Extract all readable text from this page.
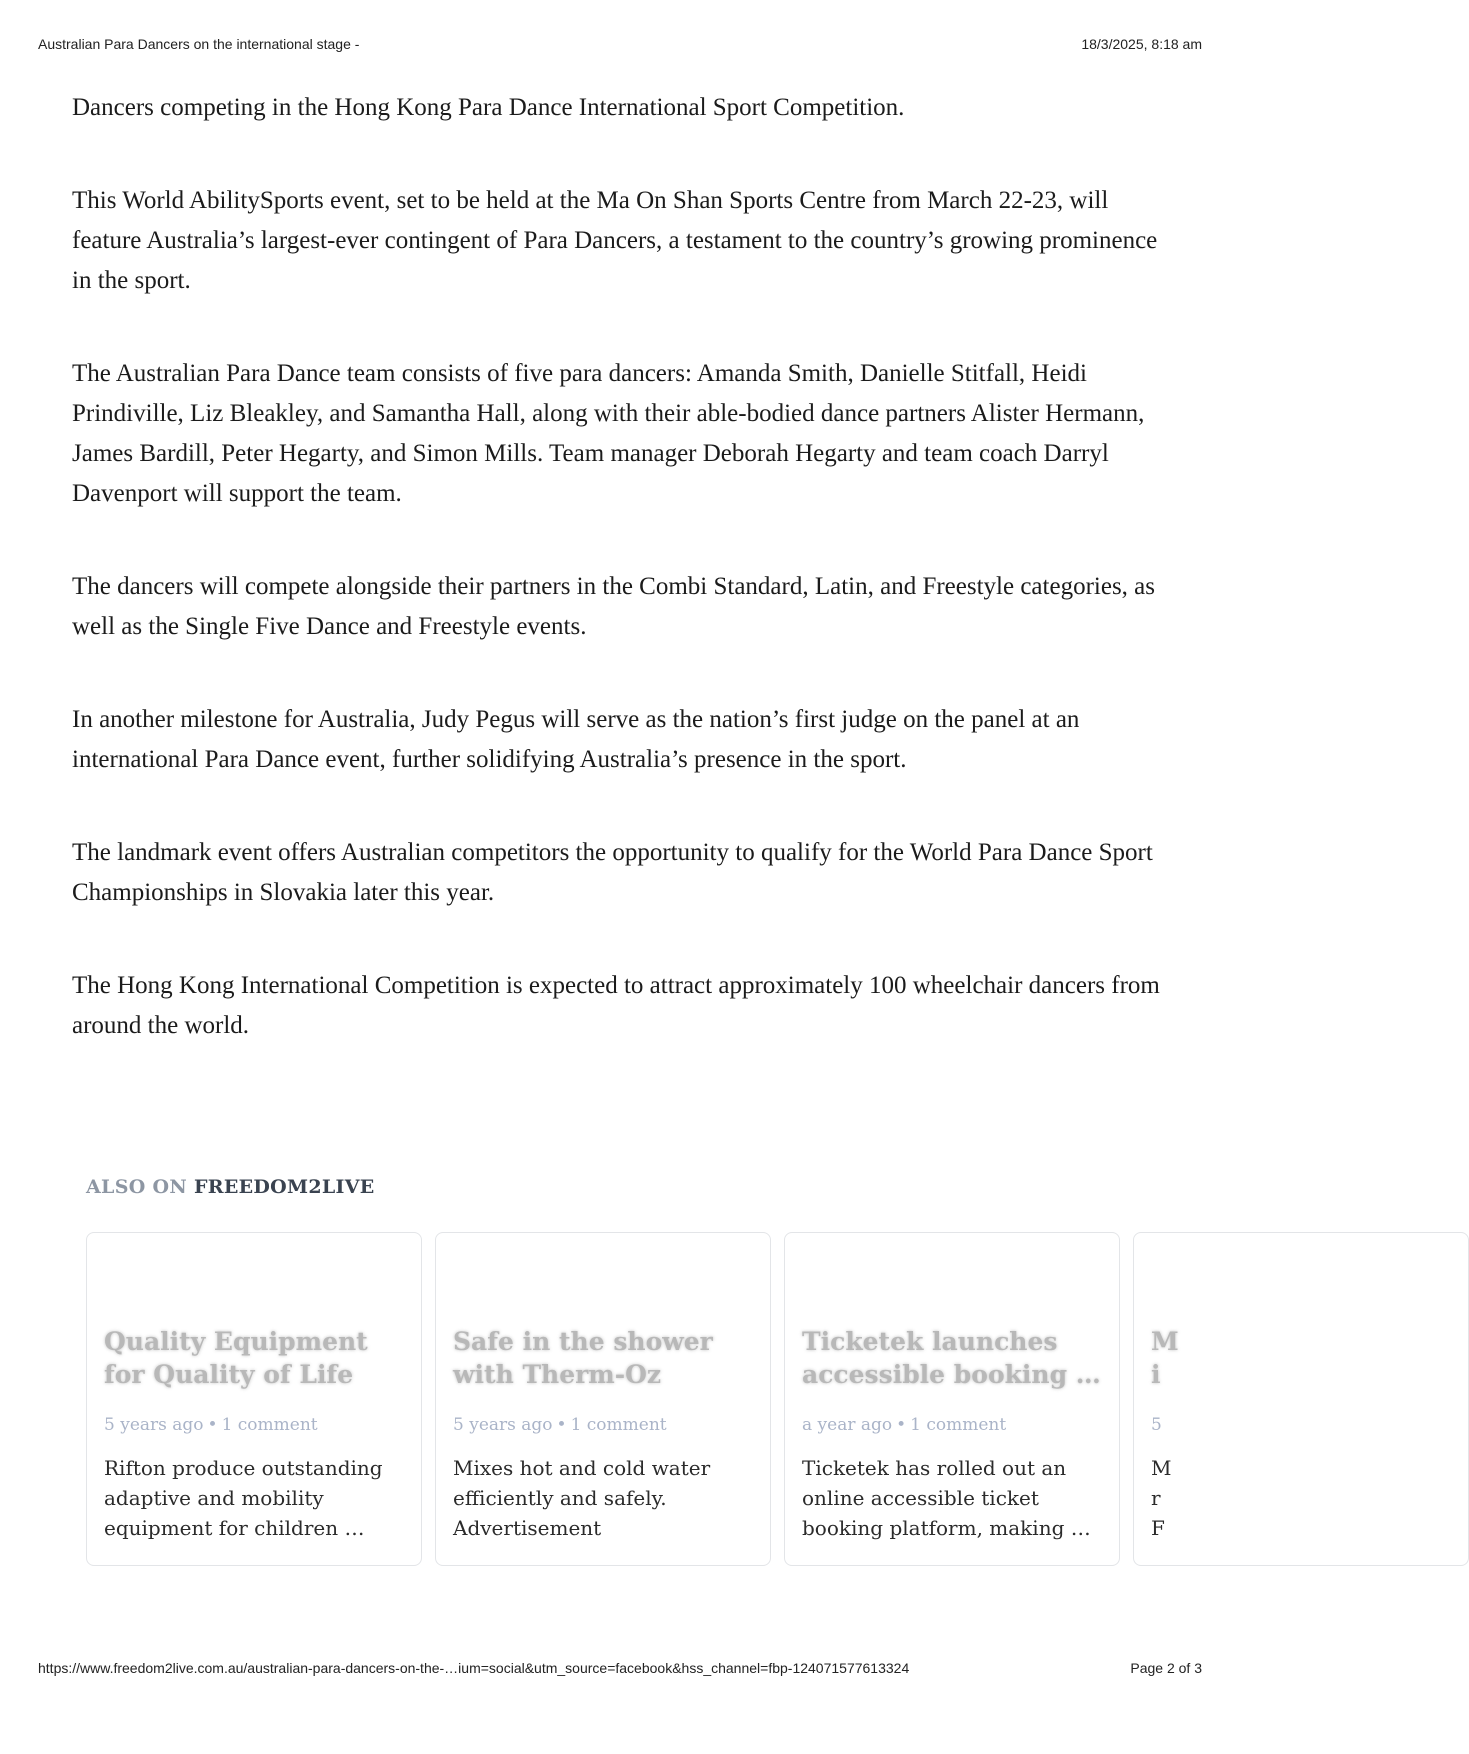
Australian Para Dancers on the international stage -	18/3/2025, 8:18 am

Dancers competing in the Hong Kong Para Dance International Sport Competition.

This World AbilitySports event, set to be held at the Ma On Shan Sports Centre from March 22-23, will feature Australia’s largest-ever contingent of Para Dancers, a testament to the country’s growing prominence in the sport.

The Australian Para Dance team consists of five para dancers: Amanda Smith, Danielle Stitfall, Heidi Prindiville, Liz Bleakley, and Samantha Hall, along with their able-bodied dance partners Alister Hermann, James Bardill, Peter Hegarty, and Simon Mills. Team manager Deborah Hegarty and team coach Darryl Davenport will support the team.

The dancers will compete alongside their partners in the Combi Standard, Latin, and Freestyle categories, as well as the Single Five Dance and Freestyle events.

In another milestone for Australia, Judy Pegus will serve as the nation’s first judge on the panel at an international Para Dance event, further solidifying Australia’s presence in the sport.

The landmark event offers Australian competitors the opportunity to qualify for the World Para Dance Sport Championships in Slovakia later this year.

The Hong Kong International Competition is expected to attract approximately 100 wheelchair dancers from around the world.

ALSO ON FREEDOM2LIVE
Quality Equipment
for Quality of Life
5 years ago • 1 comment
Rifton produce outstanding
adaptive and mobility
equipment for children …
Safe in the shower
with Therm-Oz
5 years ago • 1 comment
Mixes hot and cold water
efficiently and safely.
Advertisement
Ticketek launches
accessible booking …
a year ago • 1 comment
Ticketek has rolled out an
online accessible ticket
booking platform, making …
M
i
5
M
r
F
https://www.freedom2live.com.au/australian-para-dancers-on-the-…ium=social&utm_source=facebook&hss_channel=fbp-124071577613324	Page 2 of 3
